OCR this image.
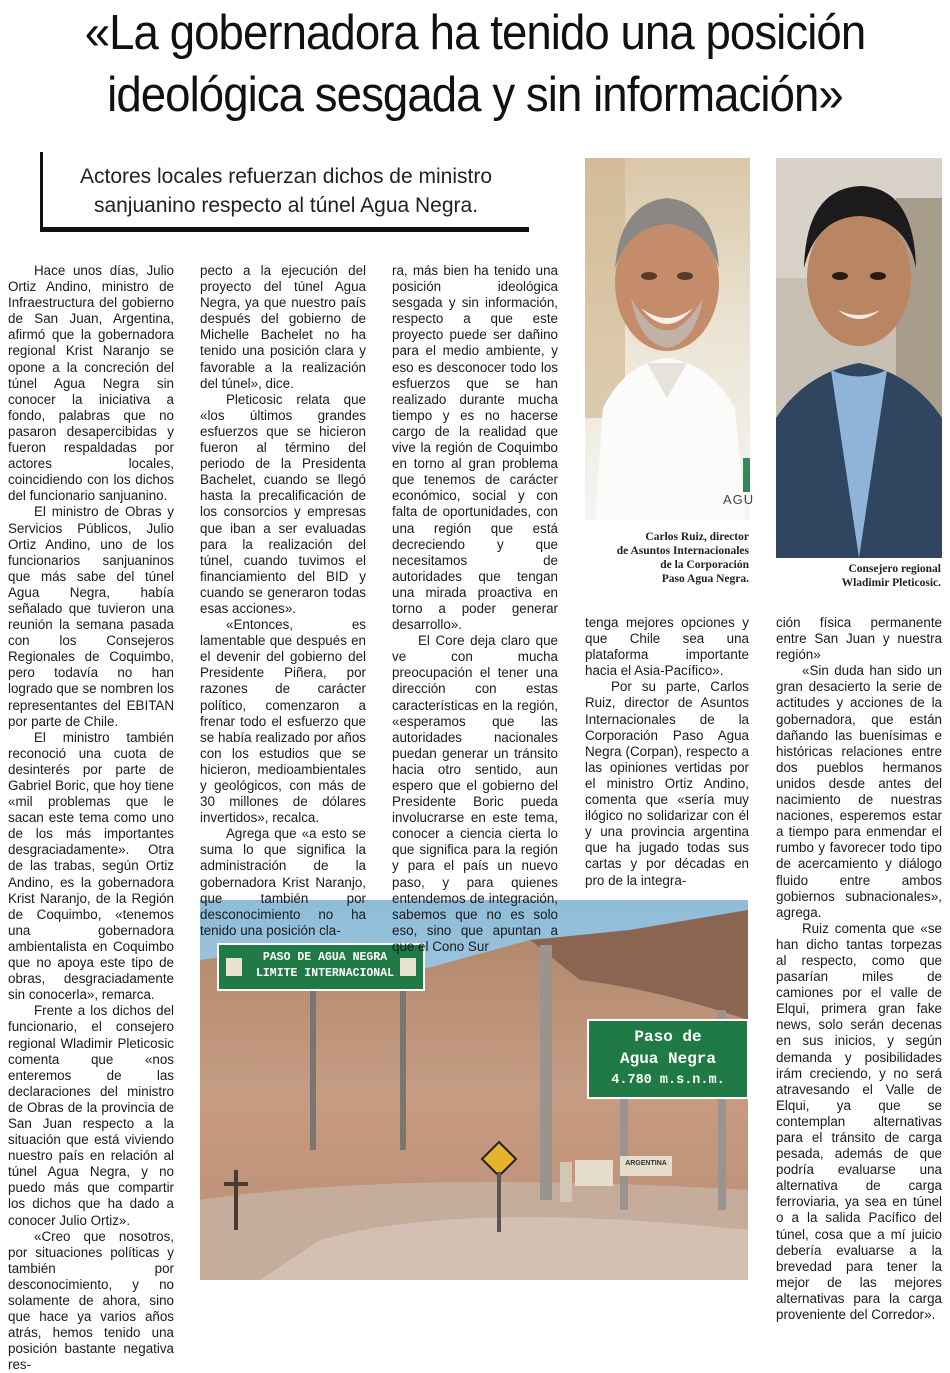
«La gobernadora ha tenido una posición
ideológica sesgada y sin información»
Actores locales refuerzan dichos de ministro
sanjuanino respecto al túnel Agua Negra.
AGU
Carlos Ruiz, director
de Asuntos Internacionales
de la Corporación
Paso Agua Negra.
Consejero regional
Wladimir Pleticosic.
PASO DE AGUA NEGRA
LIMITE INTERNACIONAL
Paso de
Agua Negra
4.780 m.s.n.m.
ARGENTINA

Hace unos días, Julio Ortiz Andino, ministro de Infraestructura del gobierno de San Juan, Argentina, afirmó que la gobernadora regional Krist Naranjo se opone a la concreción del túnel Agua Negra sin conocer la iniciativa a fondo, palabras que no pasaron desapercibidas y fueron respaldadas por actores locales, coincidiendo con los dichos del funcionario sanjuanino.

El ministro de Obras y Servicios Públicos, Julio Ortiz Andino, uno de los funcionarios sanjuaninos que más sabe del túnel Agua Negra, había señalado que tuvieron una reunión la semana pasada con los Consejeros Regionales de Coquimbo, pero todavía no han logrado que se nombren los representantes del EBITAN por parte de Chile.

El ministro también reconoció una cuota de desinterés por parte de Gabriel Boric, que hoy tiene «mil problemas que le sacan este tema como uno de los más importantes desgraciadamente». Otra de las trabas, según Ortiz Andino, es la gobernadora Krist Naranjo, de la Región de Coquimbo, «tenemos una gobernadora ambientalista en Coquimbo que no apoya este tipo de obras, desgraciadamente sin conocerla», remarca.

Frente a los dichos del funcionario, el consejero regional Wladimir Pleticosic comenta que «nos enteremos de las declaraciones del ministro de Obras de la provincia de San Juan respecto a la situación que está viviendo nuestro país en relación al túnel Agua Negra, y no puedo más que compartir los dichos que ha dado a conocer Julio Ortiz».

«Creo que nosotros, por situaciones políticas y también por desconocimiento, y no solamente de ahora, sino que hace ya varios años atrás, hemos tenido una posición bastante negativa res-

pecto a la ejecución del proyecto del túnel Agua Negra, ya que nuestro país después del gobierno de Michelle Bachelet no ha tenido una posición clara y favorable a la realización del túnel», dice.

Pleticosic relata que «los últimos grandes esfuerzos que se hicieron fueron al término del periodo de la Presidenta Bachelet, cuando se llegó hasta la precalificación de los consorcios y empresas que iban a ser evaluadas para la realización del túnel, cuando tuvimos el financiamiento del BID y cuando se generaron todas esas acciones».

«Entonces, es lamentable que después en el devenir del gobierno del Presidente Piñera, por razones de carácter político, comenzaron a frenar todo el esfuerzo que se había realizado por años con los estudios que se hicieron, medioambientales y geológicos, con más de 30 millones de dólares invertidos», recalca.

Agrega que «a esto se suma lo que significa la administración de la gobernadora Krist Naranjo, que también por desconocimiento no ha tenido una posición cla-

ra, más bien ha tenido una posición ideológica sesgada y sin información, respecto a que este proyecto puede ser dañino para el medio ambiente, y eso es desconocer todo los esfuerzos que se han realizado durante mucha tiempo y es no hacerse cargo de la realidad que vive la región de Coquimbo en torno al gran problema que tenemos de carácter económico, social y con falta de oportunidades, con una región que está decreciendo y que necesitamos de autoridades que tengan una mirada proactiva en torno a poder generar desarrollo».

El Core deja claro que ve con mucha preocupación el tener una dirección con estas características en la región, «esperamos que las autoridades nacionales puedan generar un tránsito hacia otro sentido, aun espero que el gobierno del Presidente Boric pueda involucrarse en este tema, conocer a ciencia cierta lo que significa para la región y para el país un nuevo paso, y para quienes entendemos de integración, sabemos que no es solo eso, sino que apuntan a que el Cono Sur

tenga mejores opciones y que Chile sea una plataforma importante hacia el Asia-Pacífico».

Por su parte, Carlos Ruiz, director de Asuntos Internacionales de la Corporación Paso Agua Negra (Corpan), respecto a las opiniones vertidas por el ministro Ortiz Andino, comenta que «sería muy ilógico no solidarizar con él y una provincia argentina que ha jugado todas sus cartas y por décadas en pro de la integra-

ción física permanente entre San Juan y nuestra región»

«Sin duda han sido un gran desacierto la serie de actitudes y acciones de la gobernadora, que están dañando las buenísimas e históricas relaciones entre dos pueblos hermanos unidos desde antes del nacimiento de nuestras naciones, esperemos estar a tiempo para enmendar el rumbo y favorecer todo tipo de acercamiento y diálogo fluido entre ambos gobiernos subnacionales», agrega.

Ruiz comenta que «se han dicho tantas torpezas al respecto, como que pasarían miles de camiones por el valle de Elqui, primera gran fake news, solo serán decenas en sus inicios, y según demanda y posibilidades irám creciendo, y no será atravesando el Valle de Elqui, ya que se contemplan alternativas para el tránsito de carga pesada, además de que podría evaluarse una alternativa de carga ferroviaria, ya sea en túnel o a la salida Pacífico del túnel, cosa que a mí juicio debería evaluarse a la brevedad para tener la mejor de las mejores alternativas para la carga proveniente del Corredor».
